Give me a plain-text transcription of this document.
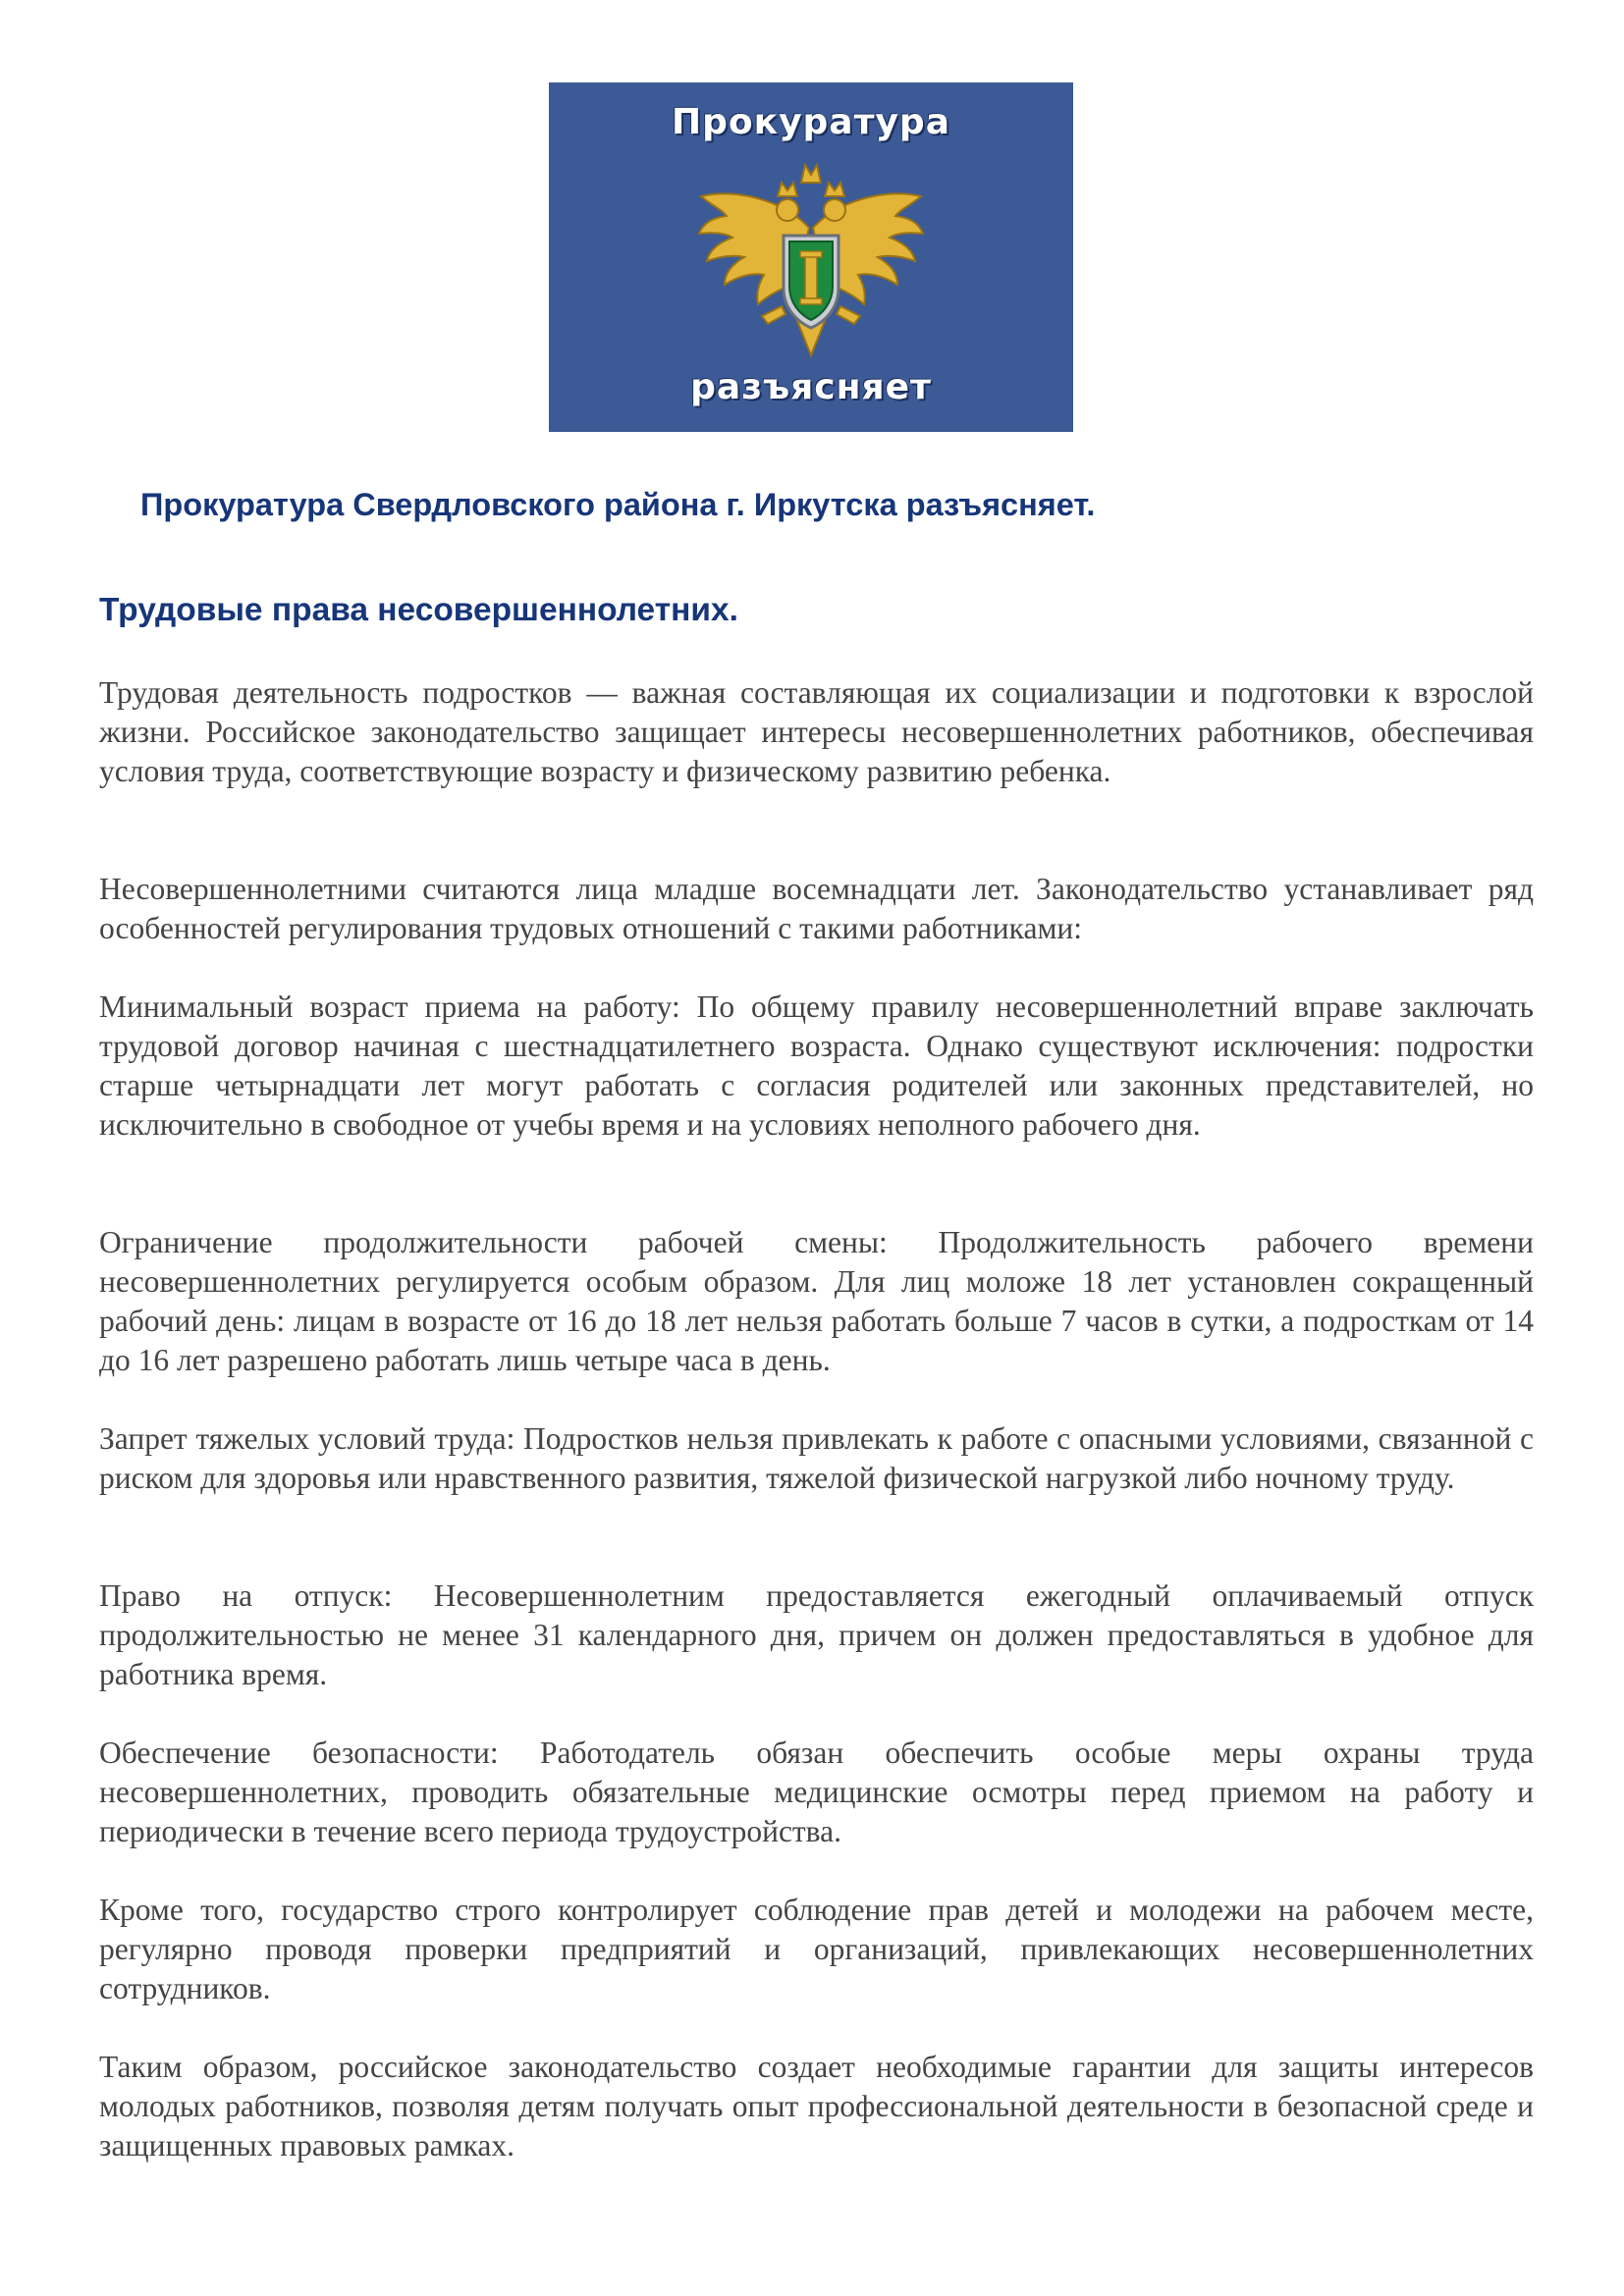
Прокуратура
разъясняет
Прокуратура Свердловского района г. Иркутска разъясняет.
Трудовые права несовершеннолетних.

Трудовая деятельность подростков — важная составляющая их социализации и подготовки к взрослой жизни. Российское законодательство защищает интересы несовершеннолетних работников, обеспечивая условия труда, соответствующие возрасту и физическому развитию ребенка.

Несовершеннолетними считаются лица младше восемнадцати лет. Законодательство устанавливает ряд особенностей регулирования трудовых отношений с такими работниками:

Минимальный возраст приема на работу: По общему правилу несовершеннолетний вправе заключать трудовой договор начиная с шестнадцатилетнего возраста. Однако существуют исключения: подростки старше четырнадцати лет могут работать с согласия родителей или законных представителей, но исключительно в свободное от учебы время и на условиях неполного рабочего дня.

Ограничение продолжительности рабочей смены: Продолжительность рабочего времени несовершеннолетних регулируется особым образом. Для лиц моложе 18 лет установлен сокращенный рабочий день: лицам в возрасте от 16 до 18 лет нельзя работать больше 7 часов в сутки, а подросткам от 14 до 16 лет разрешено работать лишь четыре часа в день.

Запрет тяжелых условий труда: Подростков нельзя привлекать к работе с опасными условиями, связанной с риском для здоровья или нравственного развития, тяжелой физической нагрузкой либо ночному труду.

Право на отпуск: Несовершеннолетним предоставляется ежегодный оплачиваемый отпуск продолжительностью не менее 31 календарного дня, причем он должен предоставляться в удобное для работника время.

Обеспечение безопасности: Работодатель обязан обеспечить особые меры охраны труда несовершеннолетних, проводить обязательные медицинские осмотры перед приемом на работу и периодически в течение всего периода трудоустройства.

Кроме того, государство строго контролирует соблюдение прав детей и молодежи на рабочем месте, регулярно проводя проверки предприятий и организаций, привлекающих несовершеннолетних сотрудников.

Таким образом, российское законодательство создает необходимые гарантии для защиты интересов молодых работников, позволяя детям получать опыт профессиональной деятельности в безопасной среде и защищенных правовых рамках.
